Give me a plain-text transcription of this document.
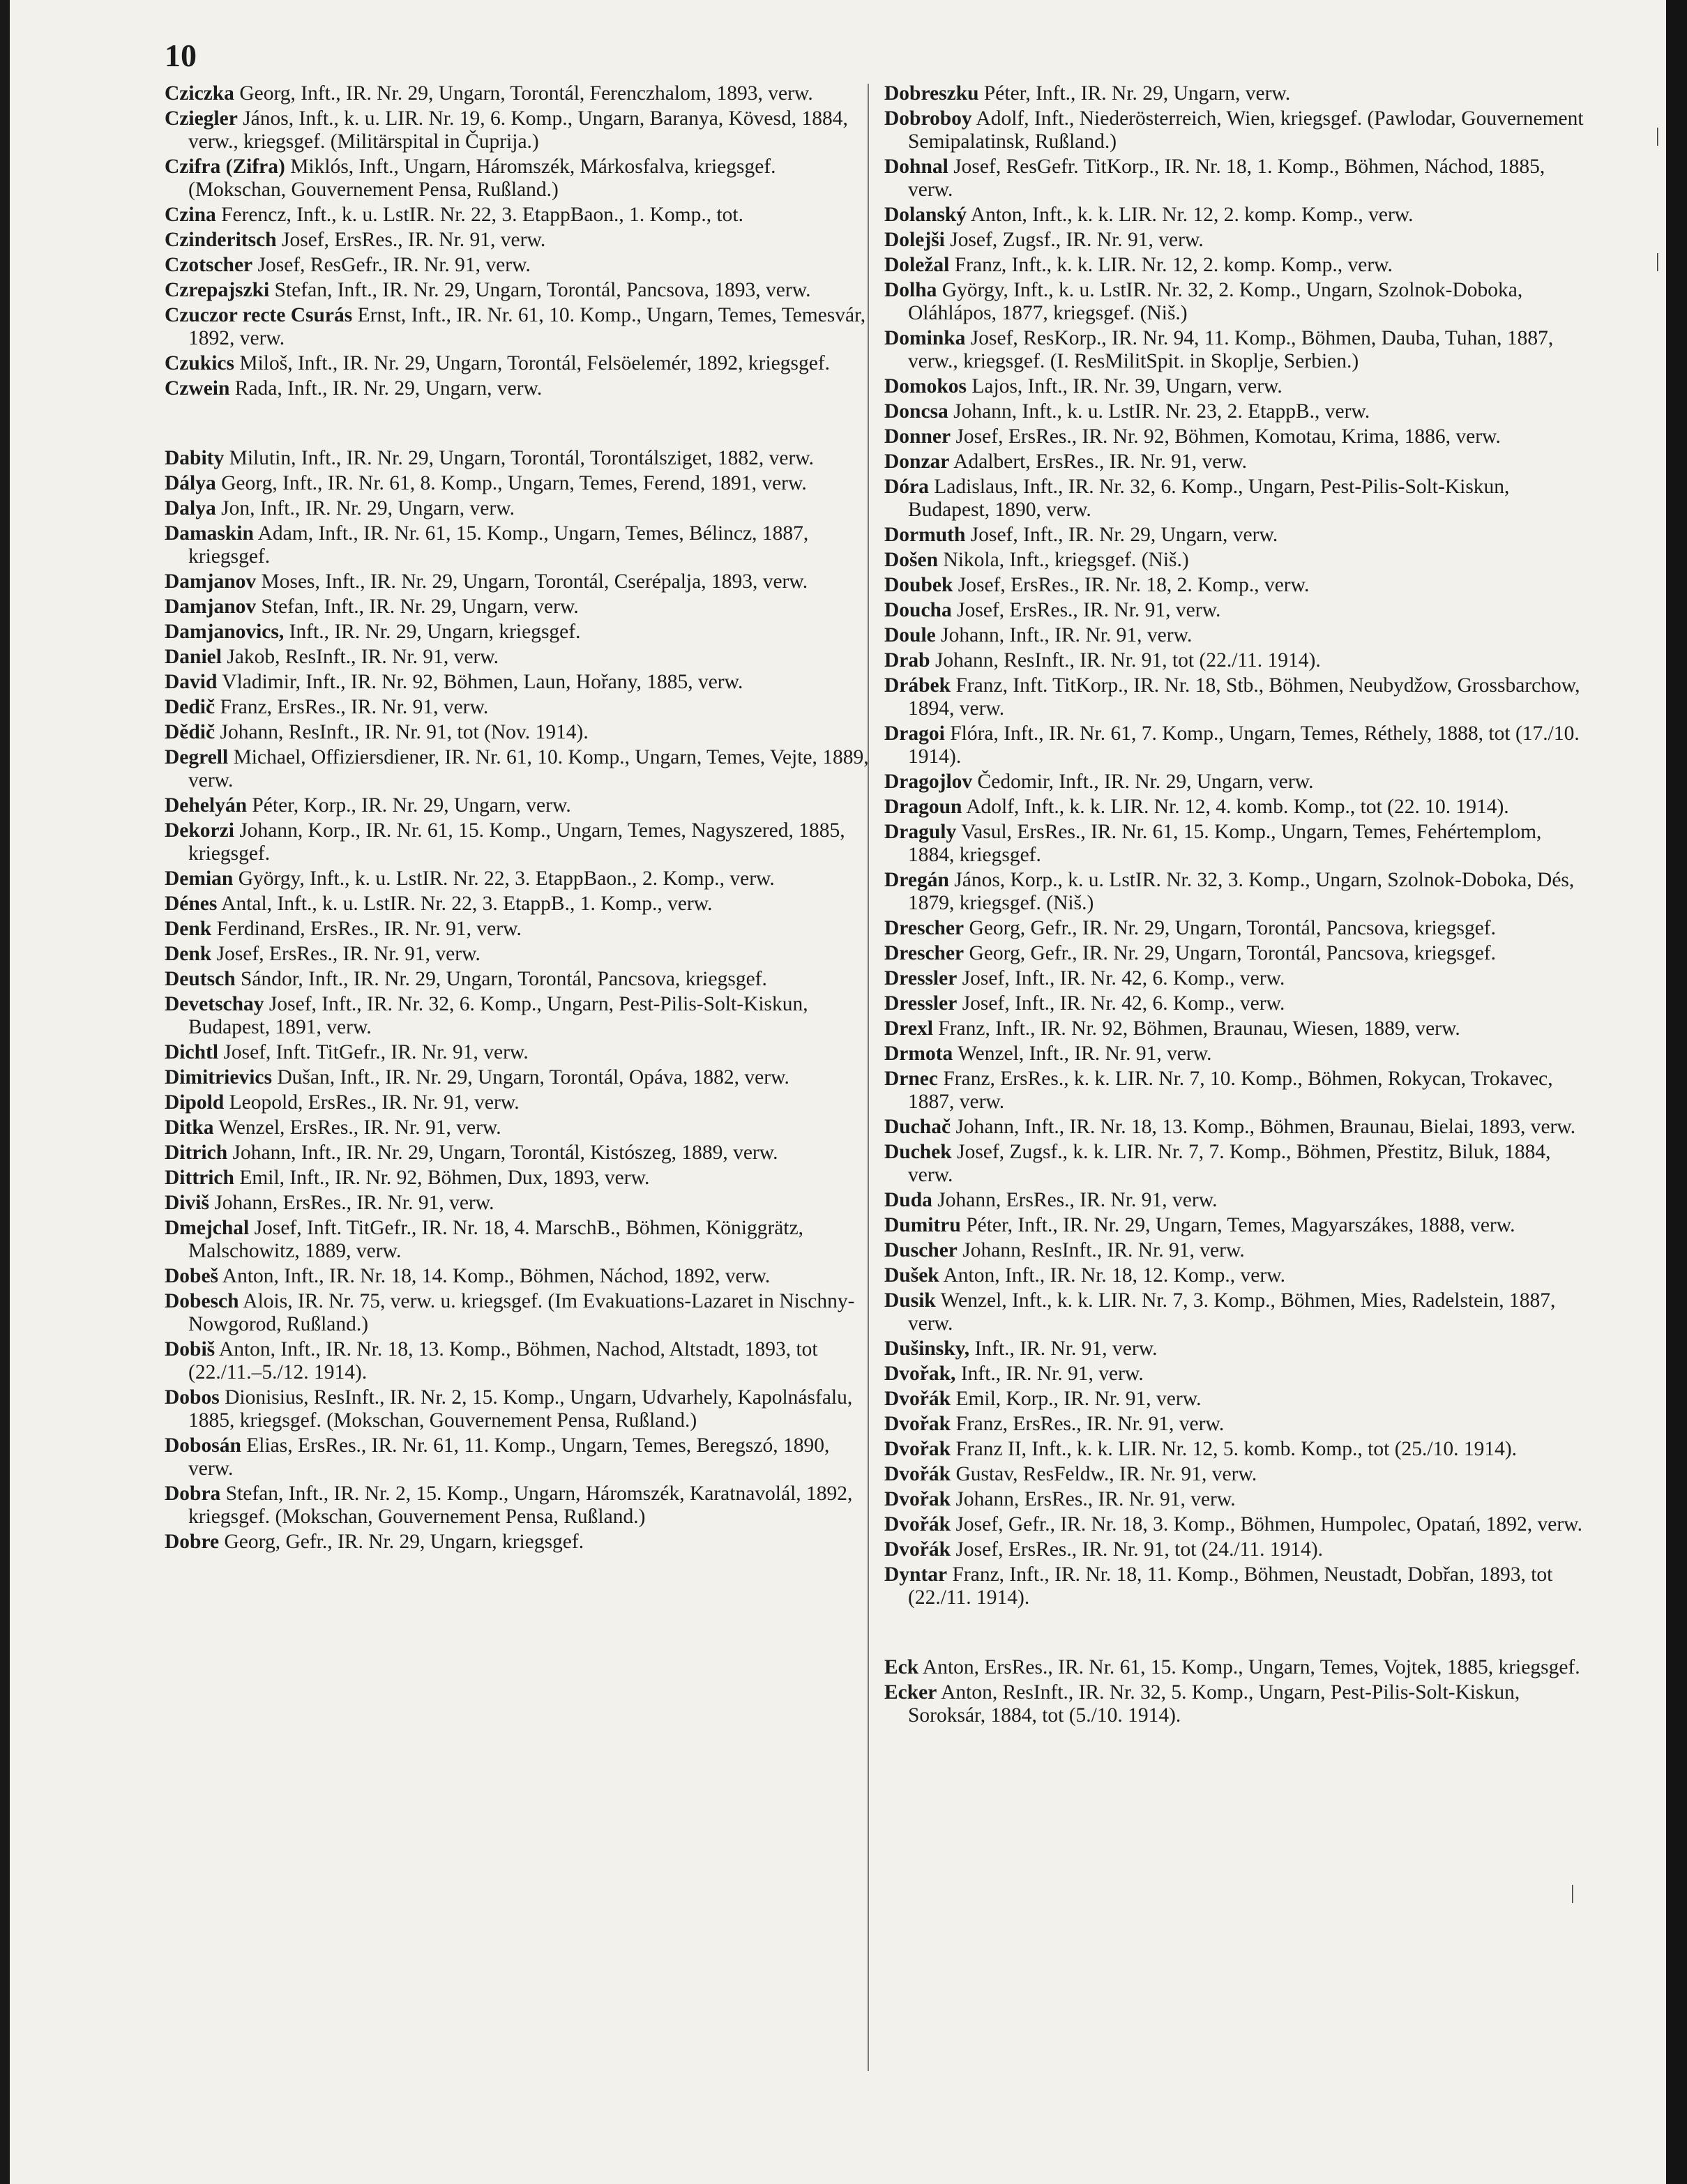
10
Cziczka Georg, Inft., IR. Nr. 29, Ungarn, Torontál, Ferenczhalom, 1893, verw.
Cziegler János, Inft., k. u. LIR. Nr. 19, 6. Komp., Ungarn, Baranya, Kövesd, 1884, verw., kriegsgef. (Militärspital in Čuprija.)
Czifra (Zifra) Miklós, Inft., Ungarn, Háromszék, Márkosfalva, kriegsgef. (Mokschan, Gouvernement Pensa, Rußland.)
Czina Ferencz, Inft., k. u. LstIR. Nr. 22, 3. EtappBaon., 1. Komp., tot.
Czinderitsch Josef, ErsRes., IR. Nr. 91, verw.
Czotscher Josef, ResGefr., IR. Nr. 91, verw.
Czrepajszki Stefan, Inft., IR. Nr. 29, Ungarn, Torontál, Pancsova, 1893, verw.
Czuczor recte Csurás Ernst, Inft., IR. Nr. 61, 10. Komp., Ungarn, Temes, Temesvár, 1892, verw.
Czukics Miloš, Inft., IR. Nr. 29, Ungarn, Torontál, Felsöelemér, 1892, kriegsgef.
Czwein Rada, Inft., IR. Nr. 29, Ungarn, verw.
Dabity Milutin, Inft., IR. Nr. 29, Ungarn, Torontál, Torontálsziget, 1882, verw.
Dálya Georg, Inft., IR. Nr. 61, 8. Komp., Ungarn, Temes, Ferend, 1891, verw.
Dalya Jon, Inft., IR. Nr. 29, Ungarn, verw.
Damaskin Adam, Inft., IR. Nr. 61, 15. Komp., Ungarn, Temes, Bélincz, 1887, kriegsgef.
Damjanov Moses, Inft., IR. Nr. 29, Ungarn, Torontál, Cserépalja, 1893, verw.
Damjanov Stefan, Inft., IR. Nr. 29, Ungarn, verw.
Damjanovics, Inft., IR. Nr. 29, Ungarn, kriegsgef.
Daniel Jakob, ResInft., IR. Nr. 91, verw.
David Vladimir, Inft., IR. Nr. 92, Böhmen, Laun, Hořany, 1885, verw.
Dedič Franz, ErsRes., IR. Nr. 91, verw.
Dědič Johann, ResInft., IR. Nr. 91, tot (Nov. 1914).
Degrell Michael, Offiziersdiener, IR. Nr. 61, 10. Komp., Ungarn, Temes, Vejte, 1889, verw.
Dehelyán Péter, Korp., IR. Nr. 29, Ungarn, verw.
Dekorzi Johann, Korp., IR. Nr. 61, 15. Komp., Ungarn, Temes, Nagyszered, 1885, kriegsgef.
Demian György, Inft., k. u. LstIR. Nr. 22, 3. EtappBaon., 2. Komp., verw.
Dénes Antal, Inft., k. u. LstIR. Nr. 22, 3. EtappB., 1. Komp., verw.
Denk Ferdinand, ErsRes., IR. Nr. 91, verw.
Denk Josef, ErsRes., IR. Nr. 91, verw.
Deutsch Sándor, Inft., IR. Nr. 29, Ungarn, Torontál, Pancsova, kriegsgef.
Devetschay Josef, Inft., IR. Nr. 32, 6. Komp., Ungarn, Pest-Pilis-Solt-Kiskun, Budapest, 1891, verw.
Dichtl Josef, Inft. TitGefr., IR. Nr. 91, verw.
Dimitrievics Dušan, Inft., IR. Nr. 29, Ungarn, Torontál, Opáva, 1882, verw.
Dipold Leopold, ErsRes., IR. Nr. 91, verw.
Ditka Wenzel, ErsRes., IR. Nr. 91, verw.
Ditrich Johann, Inft., IR. Nr. 29, Ungarn, Torontál, Kistószeg, 1889, verw.
Dittrich Emil, Inft., IR. Nr. 92, Böhmen, Dux, 1893, verw.
Diviš Johann, ErsRes., IR. Nr. 91, verw.
Dmejchal Josef, Inft. TitGefr., IR. Nr. 18, 4. MarschB., Böhmen, Königgrätz, Malschowitz, 1889, verw.
Dobeš Anton, Inft., IR. Nr. 18, 14. Komp., Böhmen, Náchod, 1892, verw.
Dobesch Alois, IR. Nr. 75, verw. u. kriegsgef. (Im Evakuations-Lazaret in Nischny-Nowgorod, Rußland.)
Dobiš Anton, Inft., IR. Nr. 18, 13. Komp., Böhmen, Nachod, Altstadt, 1893, tot (22./11.–5./12. 1914).
Dobos Dionisius, ResInft., IR. Nr. 2, 15. Komp., Ungarn, Udvarhely, Kapolnásfalu, 1885, kriegsgef. (Mokschan, Gouvernement Pensa, Rußland.)
Dobosán Elias, ErsRes., IR. Nr. 61, 11. Komp., Ungarn, Temes, Beregszó, 1890, verw.
Dobra Stefan, Inft., IR. Nr. 2, 15. Komp., Ungarn, Háromszék, Karatnavolál, 1892, kriegsgef. (Mokschan, Gouvernement Pensa, Rußland.)
Dobre Georg, Gefr., IR. Nr. 29, Ungarn, kriegsgef.
Dobreszku Péter, Inft., IR. Nr. 29, Ungarn, verw.
Dobroboy Adolf, Inft., Niederösterreich, Wien, kriegsgef. (Pawlodar, Gouvernement Semipalatinsk, Rußland.)
Dohnal Josef, ResGefr. TitKorp., IR. Nr. 18, 1. Komp., Böhmen, Náchod, 1885, verw.
Dolanský Anton, Inft., k. k. LIR. Nr. 12, 2. komp. Komp., verw.
Dolejši Josef, Zugsf., IR. Nr. 91, verw.
Doležal Franz, Inft., k. k. LIR. Nr. 12, 2. komp. Komp., verw.
Dolha György, Inft., k. u. LstIR. Nr. 32, 2. Komp., Ungarn, Szolnok-Doboka, Oláhlápos, 1877, kriegsgef. (Niš.)
Dominka Josef, ResKorp., IR. Nr. 94, 11. Komp., Böhmen, Dauba, Tuhan, 1887, verw., kriegsgef. (I. ResMilitSpit. in Skoplje, Serbien.)
Domokos Lajos, Inft., IR. Nr. 39, Ungarn, verw.
Doncsa Johann, Inft., k. u. LstIR. Nr. 23, 2. EtappB., verw.
Donner Josef, ErsRes., IR. Nr. 92, Böhmen, Komotau, Krima, 1886, verw.
Donzar Adalbert, ErsRes., IR. Nr. 91, verw.
Dóra Ladislaus, Inft., IR. Nr. 32, 6. Komp., Ungarn, Pest-Pilis-Solt-Kiskun, Budapest, 1890, verw.
Dormuth Josef, Inft., IR. Nr. 29, Ungarn, verw.
Došen Nikola, Inft., kriegsgef. (Niš.)
Doubek Josef, ErsRes., IR. Nr. 18, 2. Komp., verw.
Doucha Josef, ErsRes., IR. Nr. 91, verw.
Doule Johann, Inft., IR. Nr. 91, verw.
Drab Johann, ResInft., IR. Nr. 91, tot (22./11. 1914).
Drábek Franz, Inft. TitKorp., IR. Nr. 18, Stb., Böhmen, Neubydžow, Grossbarchow, 1894, verw.
Dragoi Flóra, Inft., IR. Nr. 61, 7. Komp., Ungarn, Temes, Réthely, 1888, tot (17./10. 1914).
Dragojlov Čedomir, Inft., IR. Nr. 29, Ungarn, verw.
Dragoun Adolf, Inft., k. k. LIR. Nr. 12, 4. komb. Komp., tot (22. 10. 1914).
Draguly Vasul, ErsRes., IR. Nr. 61, 15. Komp., Ungarn, Temes, Fehértemplom, 1884, kriegsgef.
Dregán János, Korp., k. u. LstIR. Nr. 32, 3. Komp., Ungarn, Szolnok-Doboka, Dés, 1879, kriegsgef. (Niš.)
Drescher Georg, Gefr., IR. Nr. 29, Ungarn, Torontál, Pancsova, kriegsgef.
Drescher Georg, Gefr., IR. Nr. 29, Ungarn, Torontál, Pancsova, kriegsgef.
Dressler Josef, Inft., IR. Nr. 42, 6. Komp., verw.
Dressler Josef, Inft., IR. Nr. 42, 6. Komp., verw.
Drexl Franz, Inft., IR. Nr. 92, Böhmen, Braunau, Wiesen, 1889, verw.
Drmota Wenzel, Inft., IR. Nr. 91, verw.
Drnec Franz, ErsRes., k. k. LIR. Nr. 7, 10. Komp., Böhmen, Rokycan, Trokavec, 1887, verw.
Duchač Johann, Inft., IR. Nr. 18, 13. Komp., Böhmen, Braunau, Bielai, 1893, verw.
Duchek Josef, Zugsf., k. k. LIR. Nr. 7, 7. Komp., Böhmen, Přestitz, Biluk, 1884, verw.
Duda Johann, ErsRes., IR. Nr. 91, verw.
Dumitru Péter, Inft., IR. Nr. 29, Ungarn, Temes, Magyarszákes, 1888, verw.
Duscher Johann, ResInft., IR. Nr. 91, verw.
Dušek Anton, Inft., IR. Nr. 18, 12. Komp., verw.
Dusik Wenzel, Inft., k. k. LIR. Nr. 7, 3. Komp., Böhmen, Mies, Radelstein, 1887, verw.
Dušinsky, Inft., IR. Nr. 91, verw.
Dvořak, Inft., IR. Nr. 91, verw.
Dvořák Emil, Korp., IR. Nr. 91, verw.
Dvořak Franz, ErsRes., IR. Nr. 91, verw.
Dvořak Franz II, Inft., k. k. LIR. Nr. 12, 5. komb. Komp., tot (25./10. 1914).
Dvořák Gustav, ResFeldw., IR. Nr. 91, verw.
Dvořak Johann, ErsRes., IR. Nr. 91, verw.
Dvořák Josef, Gefr., IR. Nr. 18, 3. Komp., Böhmen, Humpolec, Opatań, 1892, verw.
Dvořák Josef, ErsRes., IR. Nr. 91, tot (24./11. 1914).
Dyntar Franz, Inft., IR. Nr. 18, 11. Komp., Böhmen, Neustadt, Dobřan, 1893, tot (22./11. 1914).
Eck Anton, ErsRes., IR. Nr. 61, 15. Komp., Ungarn, Temes, Vojtek, 1885, kriegsgef.
Ecker Anton, ResInft., IR. Nr. 32, 5. Komp., Ungarn, Pest-Pilis-Solt-Kiskun, Soroksár, 1884, tot (5./10. 1914).
|
|
|
